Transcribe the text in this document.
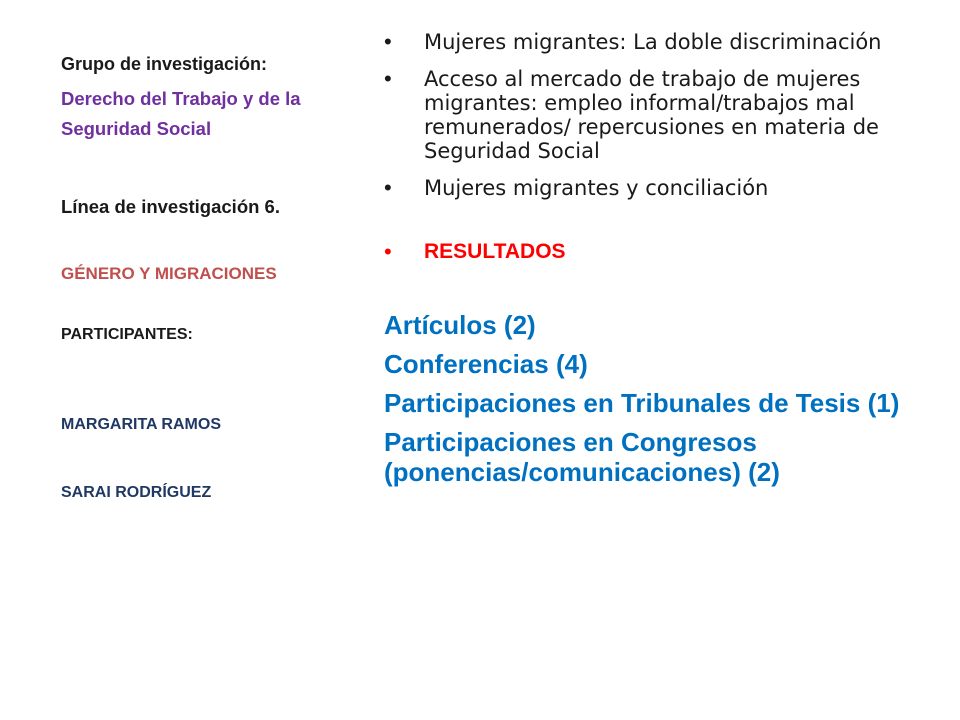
Grupo de investigación:
Derecho del Trabajo y de la Seguridad Social
Línea de investigación 6.
GÉNERO Y MIGRACIONES
PARTICIPANTES:
MARGARITA RAMOS
SARAI RODRÍGUEZ
• Mujeres migrantes: La doble discriminación
• Acceso al mercado de trabajo de mujeres migrantes: empleo informal/trabajos mal remunerados/ repercusiones en materia de Seguridad Social
• Mujeres migrantes y conciliación
• RESULTADOS
Artículos (2)
Conferencias (4)
Participaciones en Tribunales de Tesis (1)
Participaciones en Congresos (ponencias/comunicaciones) (2)
